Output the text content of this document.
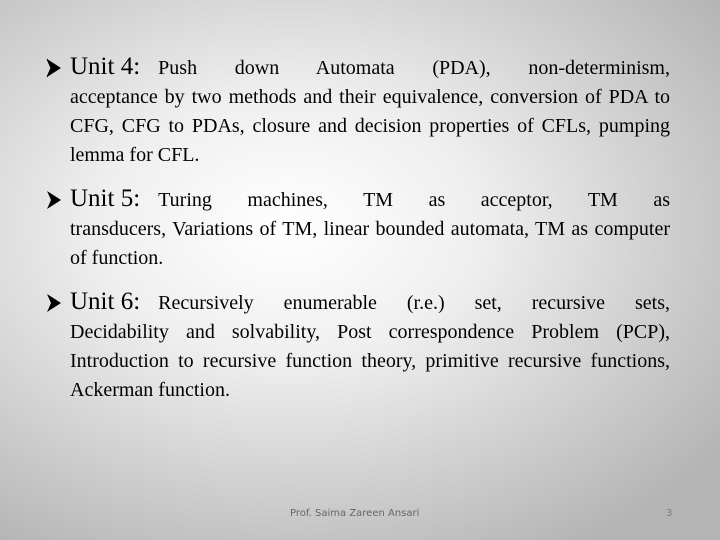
Unit 4: Push down Automata (PDA), non-determinism,
acceptance by two methods and their equivalence, conversion of PDA to CFG, CFG to PDAs, closure and decision properties of CFLs, pumping lemma for CFL.
Unit 5: Turing machines, TM as acceptor, TM as
transducers, Variations of TM, linear bounded automata, TM as computer of function.
Unit 6: Recursively enumerable (r.e.) set, recursive sets,
Decidability and solvability, Post correspondence Problem (PCP), Introduction to recursive function theory, primitive recursive functions, Ackerman function.
Prof. Saima Zareen Ansari	3
